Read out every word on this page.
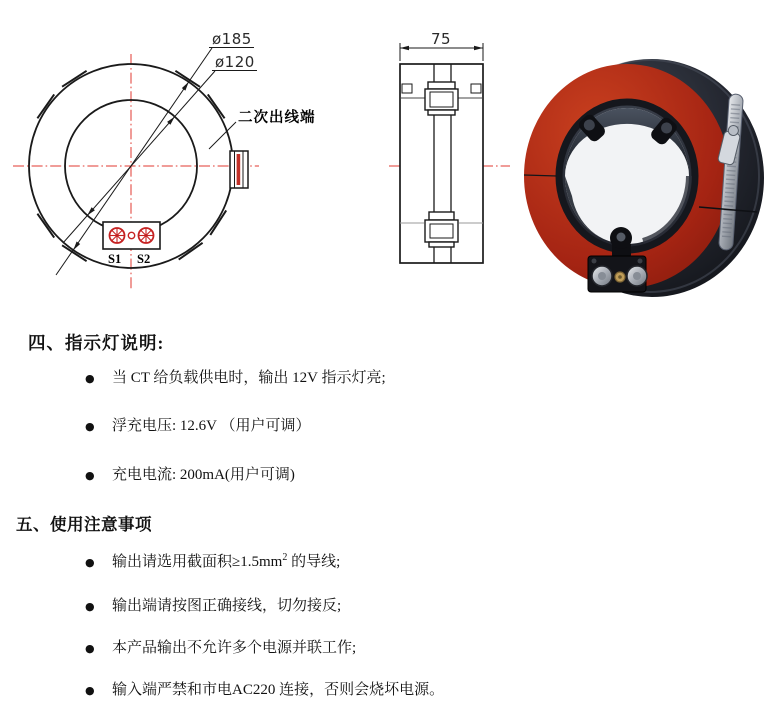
ø185
ø120
二次出线端
S1 S2
75
四、指示灯说明:
●	当 CT 给负载供电时，输出 12V 指示灯亮;
●	浮充电压: 12.6V （用户可调）
●	充电电流: 200mA(用户可调)
五、使用注意事项
●	输出请选用截面积$\ge 1.5mm^2$ 的导线;
●	输出端请按图正确接线，切勿接反;
●	本产品输出不允许多个电源并联工作;
●	输入端严禁和市电AC220 连接，否则会烧坏电源。
